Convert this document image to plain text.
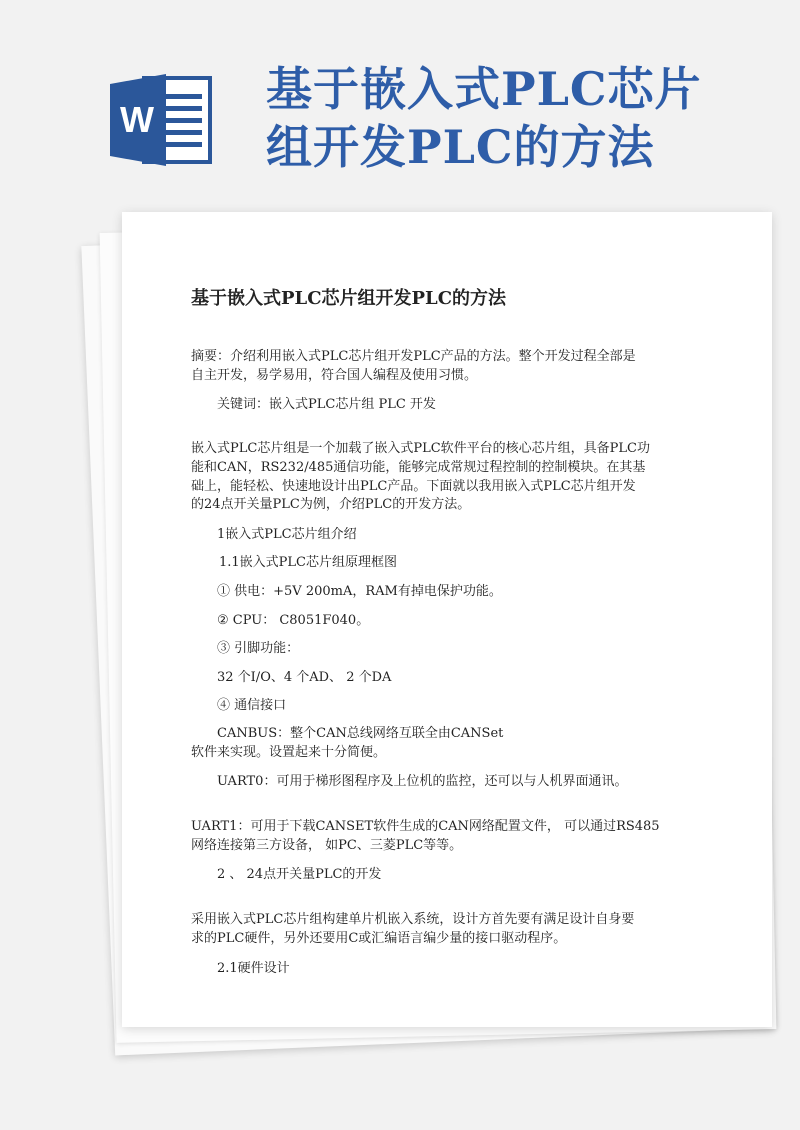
W
基于嵌入式PLC芯片
组开发PLC的方法
基于嵌入式PLC芯片组开发PLC的方法
摘要：介绍利用嵌入式PLC芯片组开发PLC产品的方法。整个开发过程全部是
自主开发，易学易用，符合国人编程及使用习惯。
关键词：嵌入式PLC芯片组 PLC 开发
嵌入式PLC芯片组是一个加载了嵌入式PLC软件平台的核心芯片组，具备PLC功
能和CAN，RS232/485通信功能，能够完成常规过程控制的控制模块。在其基
础上，能轻松、快速地设计出PLC产品。下面就以我用嵌入式PLC芯片组开发
的24点开关量PLC为例，介绍PLC的开发方法。
1嵌入式PLC芯片组介绍
1.1嵌入式PLC芯片组原理框图
① 供电：+5V 200mA，RAM有掉电保护功能。
② CPU： C8051F040。
③ 引脚功能：
32 个I/O、4 个AD、 2 个DA
④ 通信接口
CANBUS：整个CAN总线网络互联全由CANSet
软件来实现。设置起来十分简便。
UART0：可用于梯形图程序及上位机的监控，还可以与人机界面通讯。
UART1：可用于下载CANSET软件生成的CAN网络配置文件， 可以通过RS485
网络连接第三方设备， 如PC、三菱PLC等等。
2 、 24点开关量PLC的开发
采用嵌入式PLC芯片组构建单片机嵌入系统，设计方首先要有满足设计自身要
求的PLC硬件，另外还要用C或汇编语言编少量的接口驱动程序。
2.1硬件设计
